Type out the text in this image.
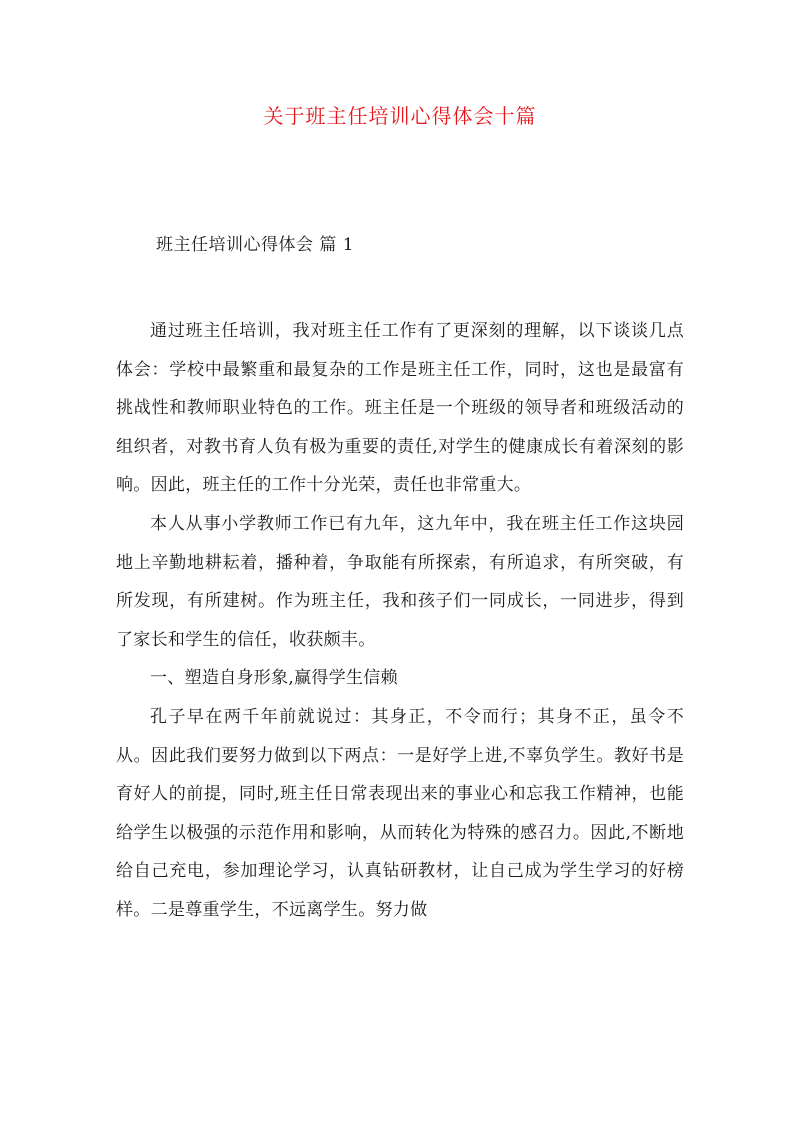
关于班主任培训心得体会十篇
班主任培训心得体会 篇 1

通过班主任培训，我对班主任工作有了更深刻的理解，以下谈谈几点体会：学校中最繁重和最复杂的工作是班主任工作，同时，这也是最富有挑战性和教师职业特色的工作。班主任是一个班级的领导者和班级活动的组织者，对教书育人负有极为重要的责任,对学生的健康成长有着深刻的影响。因此，班主任的工作十分光荣，责任也非常重大。

本人从事小学教师工作已有九年，这九年中，我在班主任工作这块园地上辛勤地耕耘着，播种着，争取能有所探索，有所追求，有所突破，有所发现，有所建树。作为班主任，我和孩子们一同成长，一同进步，得到了家长和学生的信任，收获颇丰。

一、塑造自身形象,赢得学生信赖

孔子早在两千年前就说过：其身正，不令而行；其身不正，虽令不从。因此我们要努力做到以下两点：一是好学上进,不辜负学生。教好书是育好人的前提，同时,班主任日常表现出来的事业心和忘我工作精神，也能给学生以极强的示范作用和影响，从而转化为特殊的感召力。因此,不断地给自己充电，参加理论学习，认真钻研教材，让自己成为学生学习的好榜样。二是尊重学生，不远离学生。努力做
